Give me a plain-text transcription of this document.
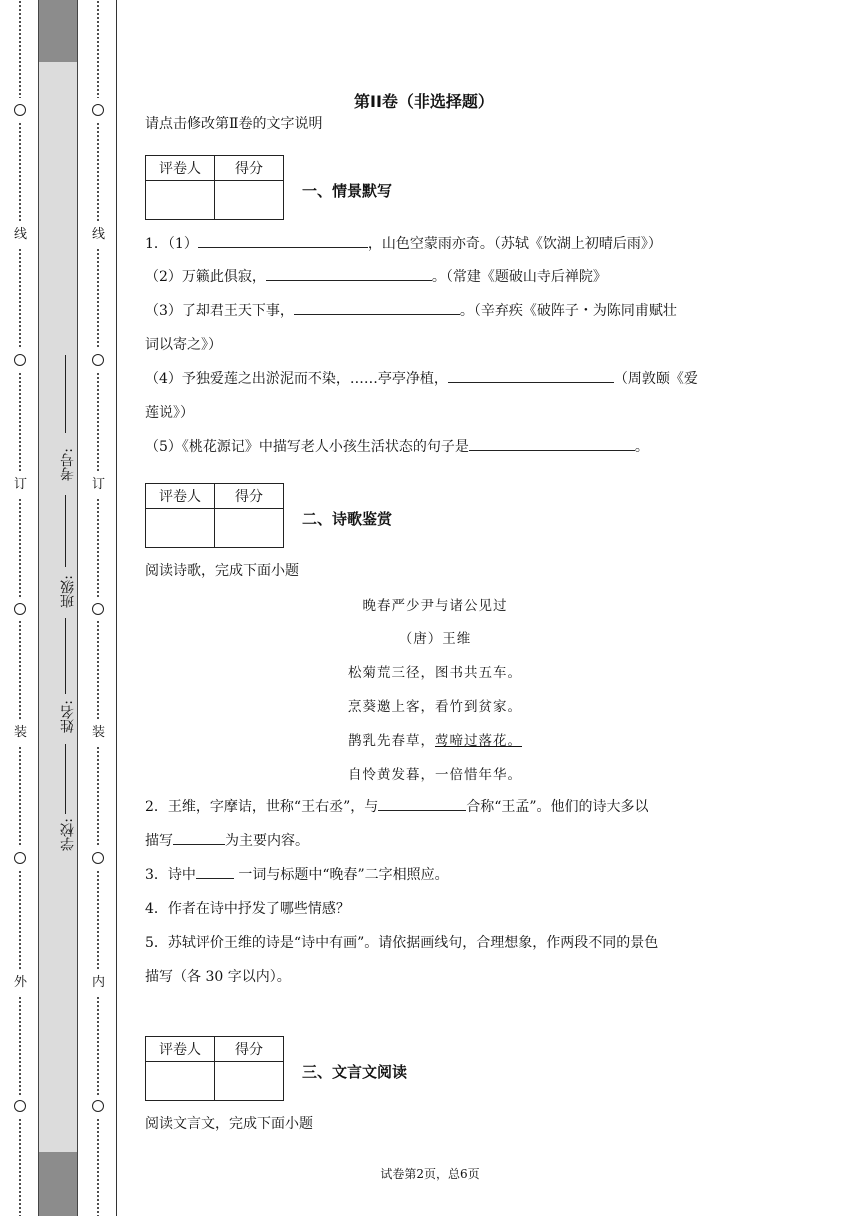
线
订
装
外
学校:
姓名:
班级:
考号:
线
订
装
内
第II卷（非选择题）
请点击修改第Ⅱ卷的文字说明
评卷人	得分

一、情景默写
1．（1）	，山色空蒙雨亦奇。（苏轼《饮湖上初晴后雨》）
（2）万籁此俱寂，	。（常建《题破山寺后禅院》
（3）了却君王天下事，	。（辛弃疾《破阵子・为陈同甫赋壮
词以寄之》）
（4）予独爱莲之出淤泥而不染，……亭亭净植，	（周敦颐《爱
莲说》）
（5）《桃花源记》中描写老人小孩生活状态的句子是	。
评卷人	得分

二、诗歌鉴赏
阅读诗歌，完成下面小题
晚春严少尹与诸公见过
（唐）王维
松菊荒三径，图书共五车。
烹葵邀上客，看竹到贫家。
鹊乳先春草，莺啼过落花。
自怜黄发暮，一倍惜年华。
2．王维，字摩诘，世称“王右丞”，与	合称“王孟”。他们的诗大多以
描写	为主要内容。
3．诗中	一词与标题中“晚春”二字相照应。
4．作者在诗中抒发了哪些情感？
5．苏轼评价王维的诗是“诗中有画”。请依据画线句，合理想象，作两段不同的景色
描写（各 30 字以内）。
评卷人	得分

三、文言文阅读
阅读文言文，完成下面小题
试卷第2页，总6页
